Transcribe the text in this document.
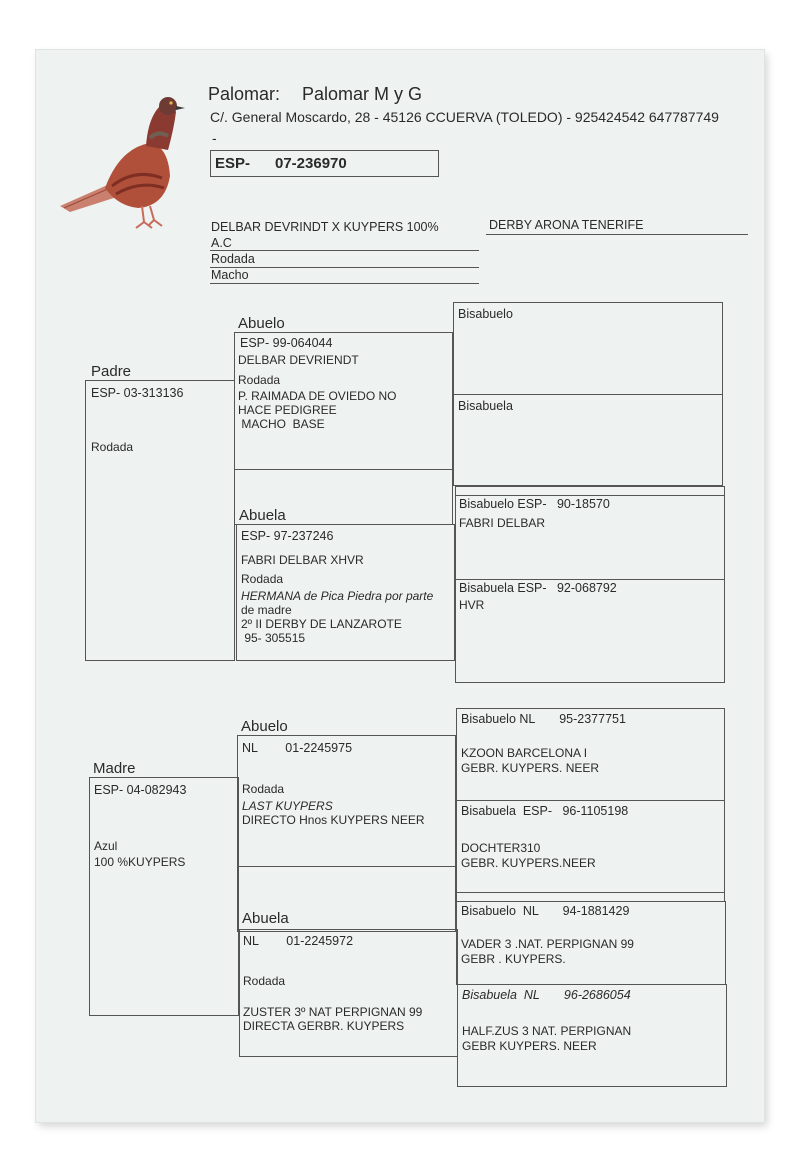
Palomar: Palomar M y G
C/. General Moscardo, 28 - 45126 CCUERVA (TOLEDO) - 925424542 647787749
-
ESP- 07-236970
DELBAR DEVRINDT X KUYPERS 100%
A.C
Rodada
Macho
DERBY ARONA TENERIFE
Padre
ESP- 03-313136
Rodada
Abuelo
ESP- 99-064044
DELBAR DEVRIENDT
Rodada
P. RAIMADA DE OVIEDO NO
HACE PEDIGREE
MACHO  BASE
Abuela
ESP- 97-237246
FABRI DELBAR XHVR
Rodada
HERMANA de Pica Piedra por parte
de madre
2º II DERBY DE LANZAROTE
95- 305515
Bisabuelo
Bisabuela
Bisabuelo ESP-   90-18570
FABRI DELBAR
Bisabuela ESP-   92-068792
HVR
Madre
ESP- 04-082943
Azul
100 %KUYPERS
Abuelo
NL        01-2245975
Rodada
LAST KUYPERS
DIRECTO Hnos KUYPERS NEER
Abuela
NL        01-2245972
Rodada
ZUSTER 3º NAT PERPIGNAN 99
DIRECTA GERBR. KUYPERS
Bisabuelo NL       95-2377751
KZOON BARCELONA I
GEBR. KUYPERS. NEER
Bisabuela  ESP-   96-1105198
DOCHTER310
GEBR. KUYPERS.NEER
Bisabuelo  NL       94-1881429
VADER 3 .NAT. PERPIGNAN 99
GEBR . KUYPERS.
Bisabuela  NL       96-2686054
HALF.ZUS 3 NAT. PERPIGNAN
GEBR KUYPERS. NEER
